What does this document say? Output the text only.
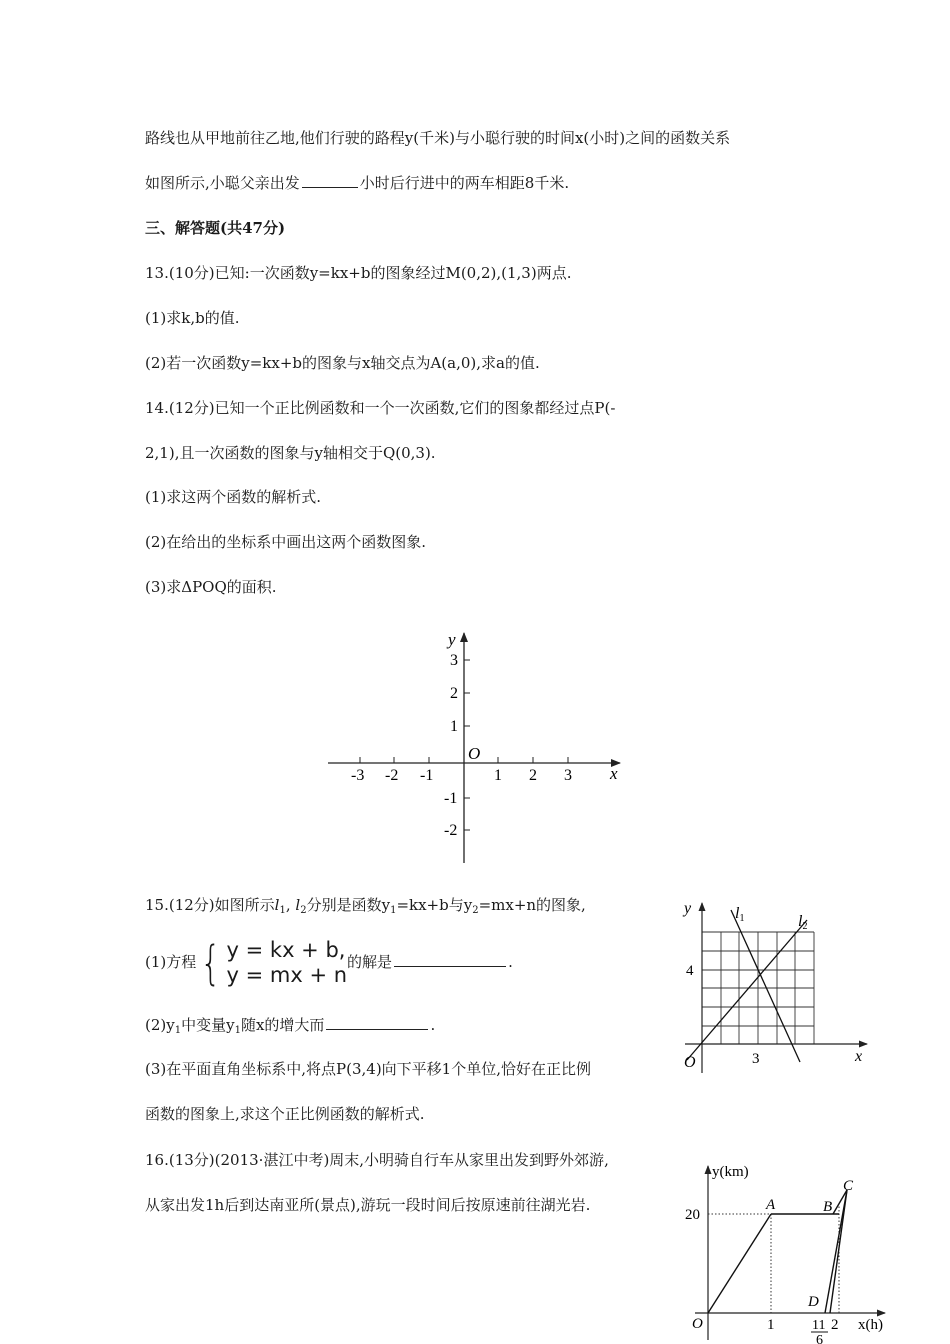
路线也从甲地前往乙地,他们行驶的路程y(千米)与小聪行驶的时间x(小时)之间的函数关系
如图所示,小聪父亲出发	小时后行进中的两车相距8千米.
三、解答题(共47分)
13.(10分)已知:一次函数y=kx+b的图象经过M(0,2),(1,3)两点.
(1)求k,b的值.
(2)若一次函数y=kx+b的图象与x轴交点为A(a,0),求a的值.
14.(12分)已知一个正比例函数和一个一次函数,它们的图象都经过点P(-
2,1),且一次函数的图象与y轴相交于Q(0,3).
(1)求这两个函数的解析式.
(2)在给出的坐标系中画出这两个函数图象.
(3)求ΔPOQ的面积.
y
x
O
-3 -2 -1	1 2 3
3
2
1
-1
-2
15.(12分)如图所示$l_1$, $l_2$分别是函数$y_1=kx+b$与$y_2=mx+n$的图象,
(1)方程 { y = kx + b,
y = mx + n
的解是	.
$(2)y_1$中变量$y_1$随x的增大而	.
(3)在平面直角坐标系中,将点P(3,4)向下平移1个单位,恰好在正比例
函数的图象上,求这个正比例函数的解析式.
y
x
O
4
3
l1	l2
16.(13分)(2013·湛江中考)周末,小明骑自行车从家里出发到野外郊游,
从家出发1h后到达南亚所(景点),游玩一段时间后按原速前往湖光岩.
y(km)
x(h)
O
20
1	2
11
6
A	B
C
D
